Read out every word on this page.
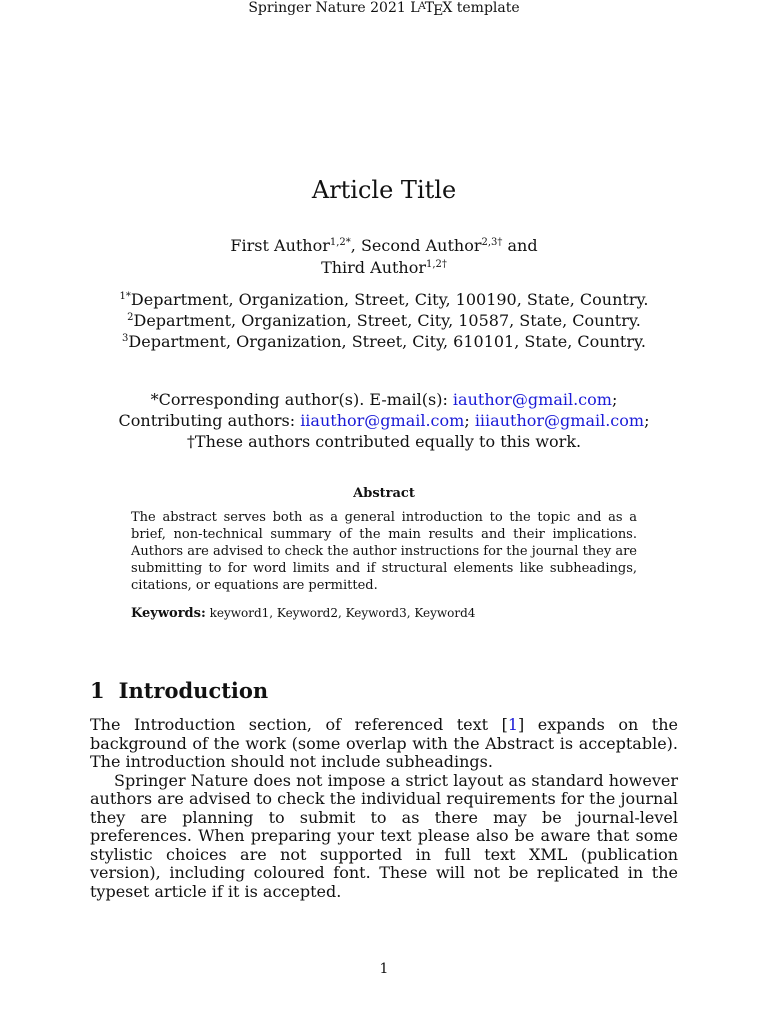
Springer Nature 2021 $L^ATEX$ template
Article Title
First Author$^{1,2*}$, Second Author$^{2,3\dagger}$ and
Third Author$^{1,2\dagger}$
$^{1*}$Department, Organization, Street, City, 100190, State, Country.
$^2$Department, Organization, Street, City, 10587, State, Country.
$^3$Department, Organization, Street, City, 610101, State, Country.
*Corresponding author(s). E-mail(s): iauthor@gmail.com;
Contributing authors: iiauthor@gmail.com; iiiauthor@gmail.com;
†These authors contributed equally to this work.
Abstract
The abstract serves both as a general introduction to the topic and as a brief, non-technical summary of the main results and their implications. Authors are advised to check the author instructions for the journal they are submitting to for word limits and if structural elements like subheadings, citations, or equations are permitted.
Keywords: keyword1, Keyword2, Keyword3, Keyword4
1 Introduction

The Introduction section, of referenced text [1] expands on the background of the work (some overlap with the Abstract is acceptable). The introduction should not include subheadings.

Springer Nature does not impose a strict layout as standard however authors are advised to check the individual requirements for the journal they are planning to submit to as there may be journal-level preferences. When preparing your text please also be aware that some stylistic choices are not supported in full text XML (publication version), including coloured font. These will not be replicated in the typeset article if it is accepted.

1
